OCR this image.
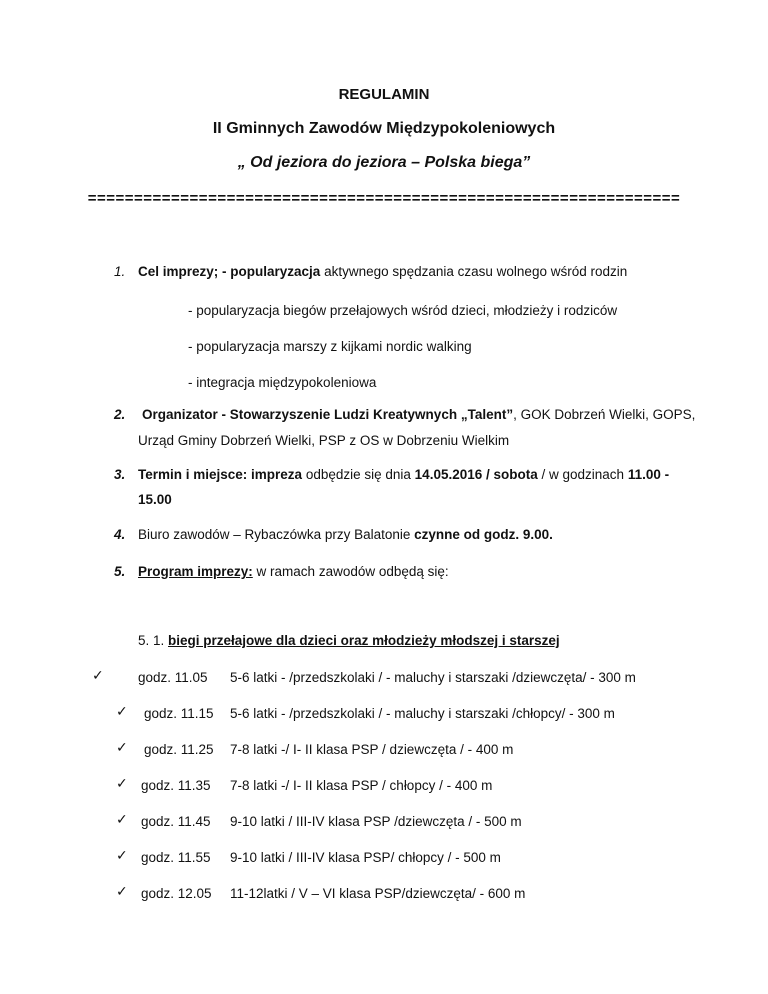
REGULAMIN
II Gminnych Zawodów Międzypokoleniowych
„ Od jeziora do jeziora – Polska biega”
================================================================
1. Cel imprezy; - popularyzacja aktywnego spędzania czasu wolnego wśród rodzin
- popularyzacja biegów przełajowych wśród dzieci, młodzieży i rodziców
- popularyzacja marszy z kijkami nordic walking
- integracja międzypokoleniowa
2. Organizator - Stowarzyszenie Ludzi Kreatywnych „Talent”, GOK Dobrzeń Wielki, GOPS,
Urząd Gminy Dobrzeń Wielki, PSP z OS w Dobrzeniu Wielkim
3. Termin i miejsce: impreza odbędzie się dnia 14.05.2016 / sobota / w godzinach 11.00 -
15.00
4. Biuro zawodów – Rybaczówka przy Balatonie czynne od godz. 9.00.
5. Program imprezy: w ramach zawodów odbędą się:
5. 1. biegi przełajowe dla dzieci oraz młodzieży młodszej i starszej
✓	godz. 11.05 5-6 latki - /przedszkolaki / - maluchy i starszaki /dziewczęta/ - 300 m
✓ godz. 11.15 5-6 latki - /przedszkolaki / - maluchy i starszaki /chłopcy/ - 300 m
✓ godz. 11.25 7-8 latki -/ I- II klasa PSP / dziewczęta / - 400 m
✓ godz. 11.35 7-8 latki -/ I- II klasa PSP / chłopcy / - 400 m
✓ godz. 11.45 9-10 latki / III-IV klasa PSP /dziewczęta / - 500 m
✓ godz. 11.55 9-10 latki / III-IV klasa PSP/ chłopcy / - 500 m
✓ godz. 12.05 11-12latki / V – VI klasa PSP/dziewczęta/ - 600 m
